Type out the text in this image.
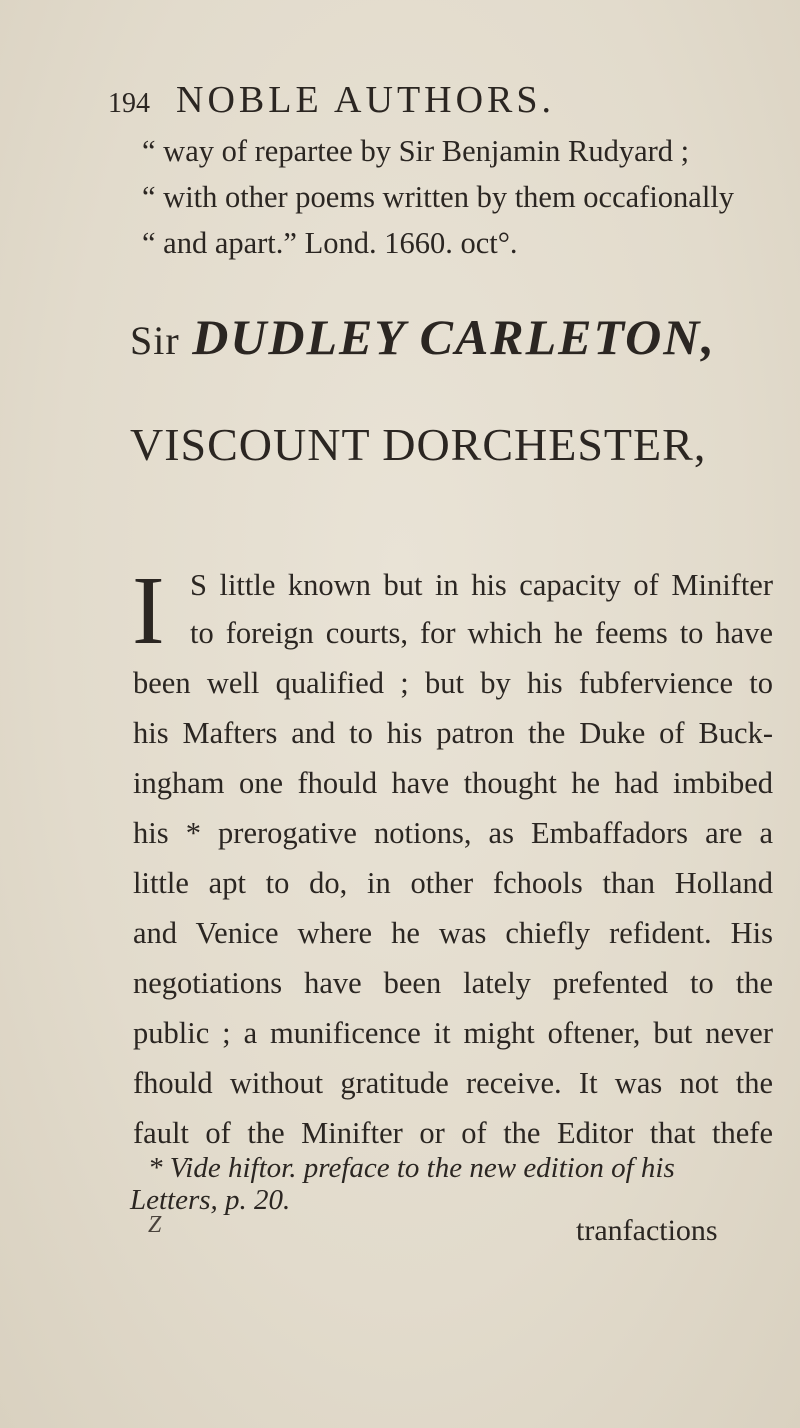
194 NOBLE AUTHORS.
“ way of repartee by Sir Benjamin Rudyard ;
“ with other poems written by them occafionally
“ and apart.” Lond. 1660. oct°.
Sir DUDLEY CARLETON,
VISCOUNT DORCHESTER,
I S little known but in his capacity of Minifter
to foreign courts, for which he feems to have
been well qualified ; but by his fubfervience to
his Mafters and to his patron the Duke of Buck-
ingham one fhould have thought he had imbibed
his * prerogative notions, as Embaffadors are a
little apt to do, in other fchools than Holland
and Venice where he was chiefly refident. His
negotiations have been lately prefented to the
public ; a munificence it might oftener, but never
fhould without gratitude receive. It was not the
fault of the Minifter or of the Editor that thefe
* Vide hiftor. preface to the new edition of his
Letters, p. 20.
Z	tranfactions
